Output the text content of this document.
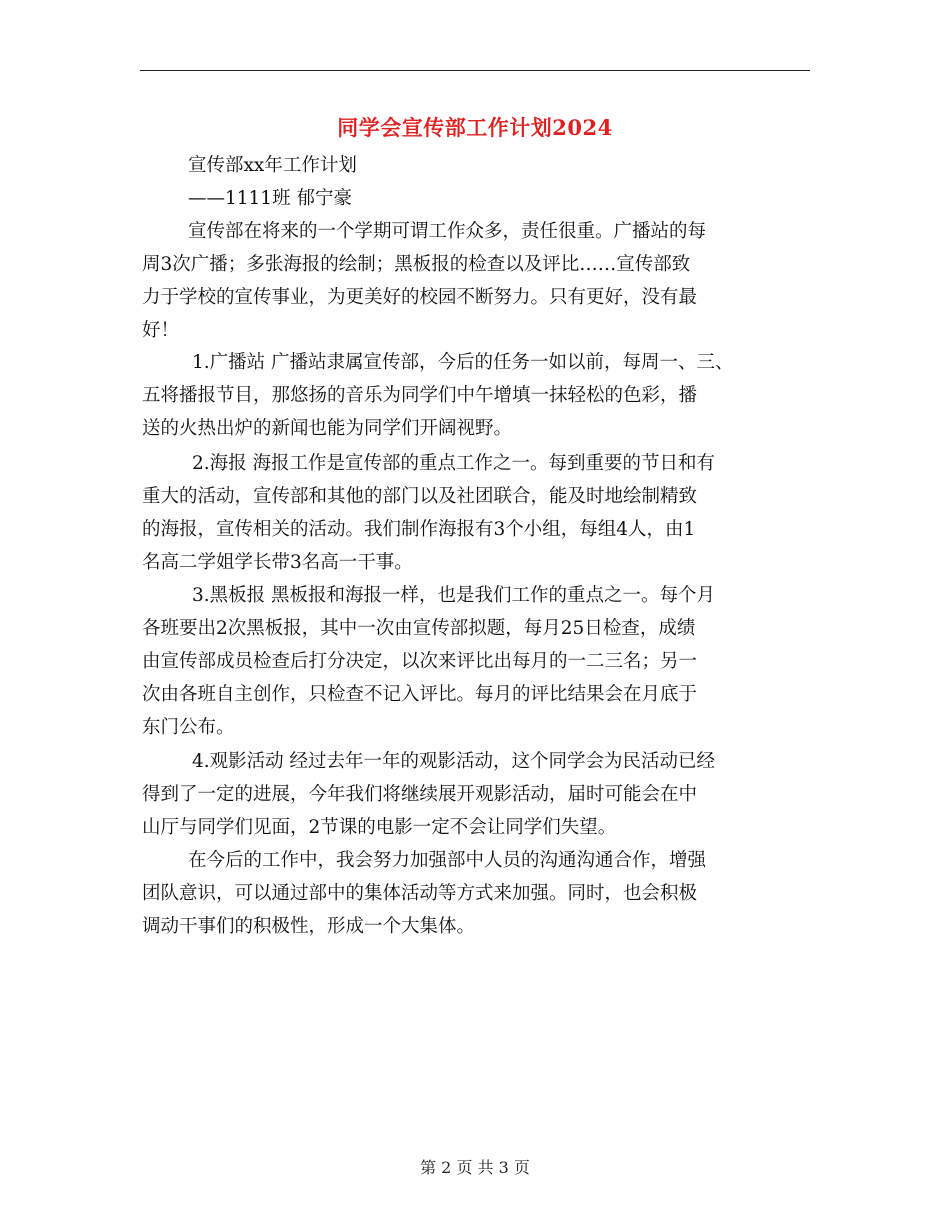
同学会宣传部工作计划2024
宣传部xx年工作计划
——1111班 郁宁豪
宣传部在将来的一个学期可谓工作众多，责任很重。广播站的每
周3次广播；多张海报的绘制；黑板报的检查以及评比……宣传部致
力于学校的宣传事业，为更美好的校园不断努力。只有更好，没有最
好！
1.广播站 广播站隶属宣传部，今后的任务一如以前，每周一、三、
五将播报节目，那悠扬的音乐为同学们中午增填一抹轻松的色彩，播
送的火热出炉的新闻也能为同学们开阔视野。
2.海报 海报工作是宣传部的重点工作之一。每到重要的节日和有
重大的活动，宣传部和其他的部门以及社团联合，能及时地绘制精致
的海报，宣传相关的活动。我们制作海报有3个小组，每组4人，由1
名高二学姐学长带3名高一干事。
3.黑板报 黑板报和海报一样，也是我们工作的重点之一。每个月
各班要出2次黑板报，其中一次由宣传部拟题，每月25日检查，成绩
由宣传部成员检查后打分决定，以次来评比出每月的一二三名；另一
次由各班自主创作，只检查不记入评比。每月的评比结果会在月底于
东门公布。
4.观影活动 经过去年一年的观影活动，这个同学会为民活动已经
得到了一定的进展，今年我们将继续展开观影活动，届时可能会在中
山厅与同学们见面，2节课的电影一定不会让同学们失望。
在今后的工作中，我会努力加强部中人员的沟通沟通合作，增强
团队意识，可以通过部中的集体活动等方式来加强。同时，也会积极
调动干事们的积极性，形成一个大集体。
第 2 页 共 3 页
